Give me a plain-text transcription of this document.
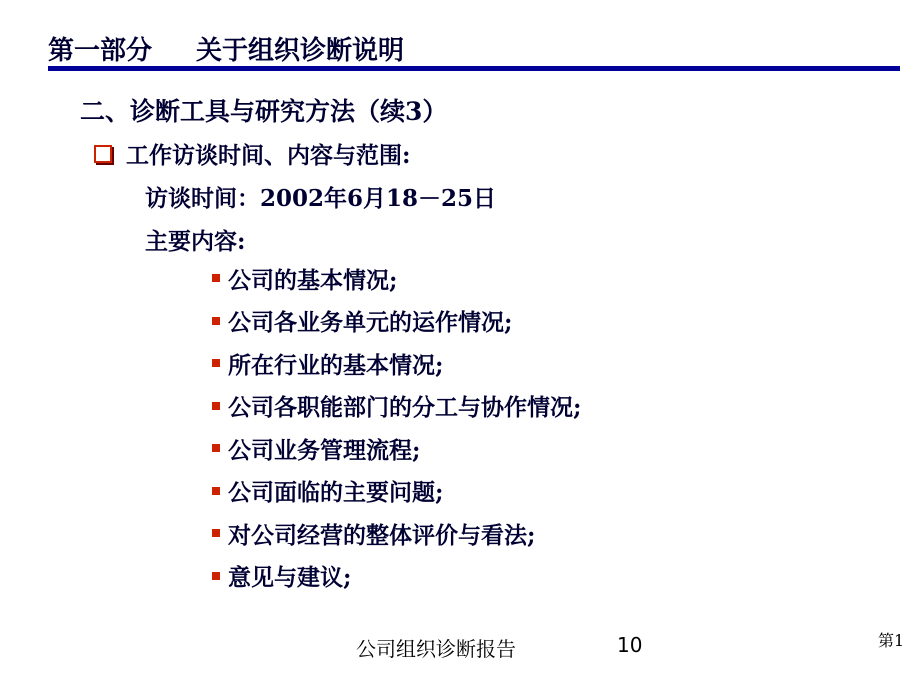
第一部分 关于组织诊断说明
二、诊断工具与研究方法（续3）
工作访谈时间、内容与范围:
访谈时间：2002年6月18－25日
主要内容:
公司的基本情况;
公司各业务单元的运作情况;
所在行业的基本情况;
公司各职能部门的分工与协作情况;
公司业务管理流程;
公司面临的主要问题;
对公司经营的整体评价与看法;
意见与建议;
公司组织诊断报告	10	第1
